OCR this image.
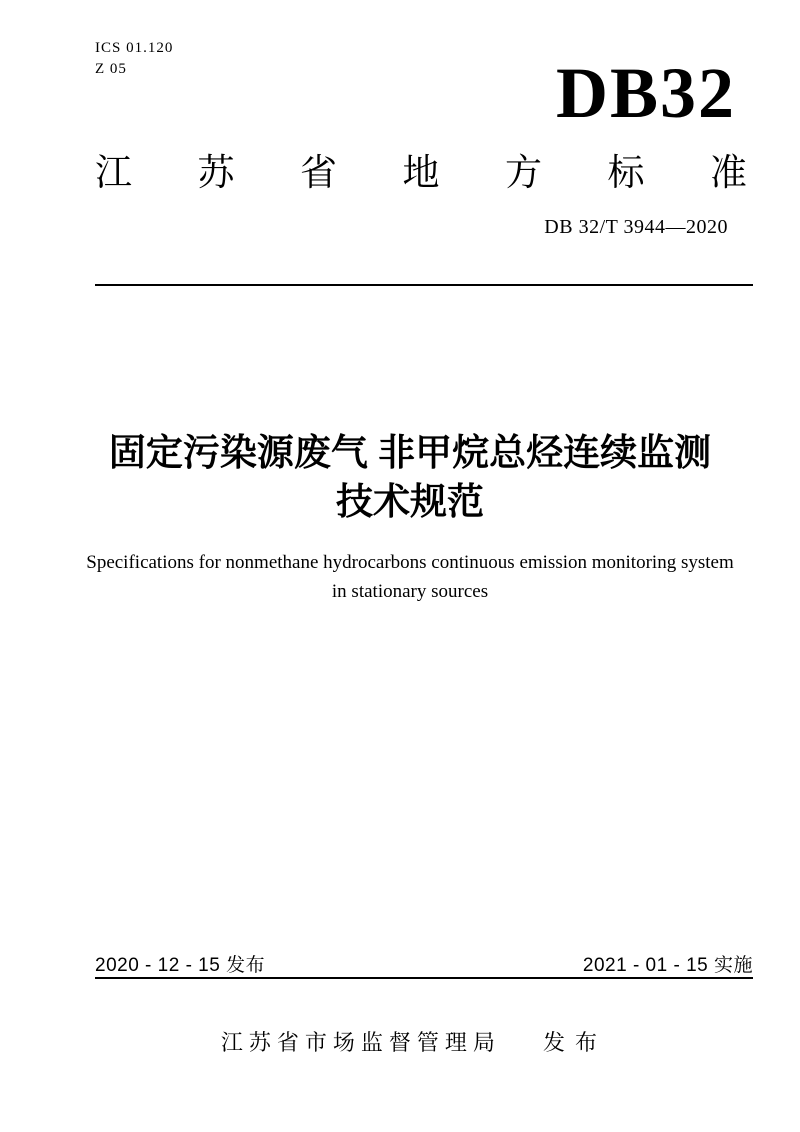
ICS 01.120
Z 05	DB32
江 苏 省 地 方 标 准
DB 32/T 3944—2020
固定污染源废气 非甲烷总烃连续监测
技术规范
Specifications for nonmethane hydrocarbons continuous emission monitoring system
in stationary sources
2020 - 12 - 15 发布	2021 - 01 - 15 实施
江苏省市场监督管理局 发 布
